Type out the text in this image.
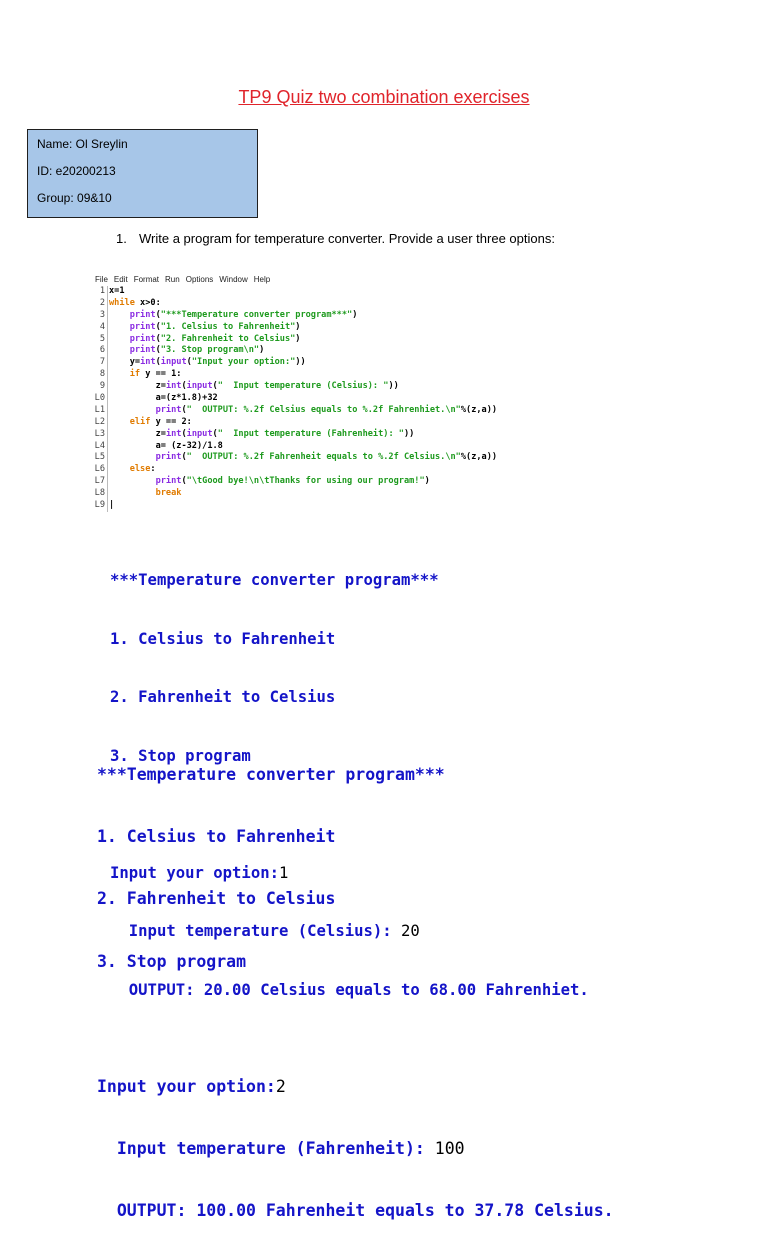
TP9 Quiz two combination exercises
Name: Ol Sreylin
ID: e20200213
Group: 09&10
1. Write a program for temperature converter. Provide a user three options:
File Edit Format Run Options Window Help
1 x=1
2 while x>0:
3	print("***Temperature converter program***")
4	print("1. Celsius to Fahrenheit")
5	print("2. Fahrenheit to Celsius")
6	print("3. Stop program\n")
7	y=int(input("Input your option:"))
8	if y == 1:
9	z=int(input("  Input temperature (Celsius): "))
L0	a=(z*1.8)+32
L1	print("  OUTPUT: %.2f Celsius equals to %.2f Fahrenhiet.\n"%(z,a))
L2	elif y == 2:
L3	z=int(input("  Input temperature (Fahrenheit): "))
L4	a= (z-32)/1.8
L5	print("  OUTPUT: %.2f Fahrenheit equals to %.2f Celsius.\n"%(z,a))
L6	else:
L7	print("\tGood bye!\n\tThanks for using our program!")
L8	break
L9 |

***Temperature converter program***

1. Celsius to Fahrenheit

2. Fahrenheit to Celsius

3. Stop program

Input your option:1

Input temperature (Celsius): 20

OUTPUT: 20.00 Celsius equals to 68.00 Fahrenhiet.

***Temperature converter program***

1. Celsius to Fahrenheit

2. Fahrenheit to Celsius

3. Stop program

Input your option:2

Input temperature (Fahrenheit): 100

OUTPUT: 100.00 Fahrenheit equals to 37.78 Celsius.
